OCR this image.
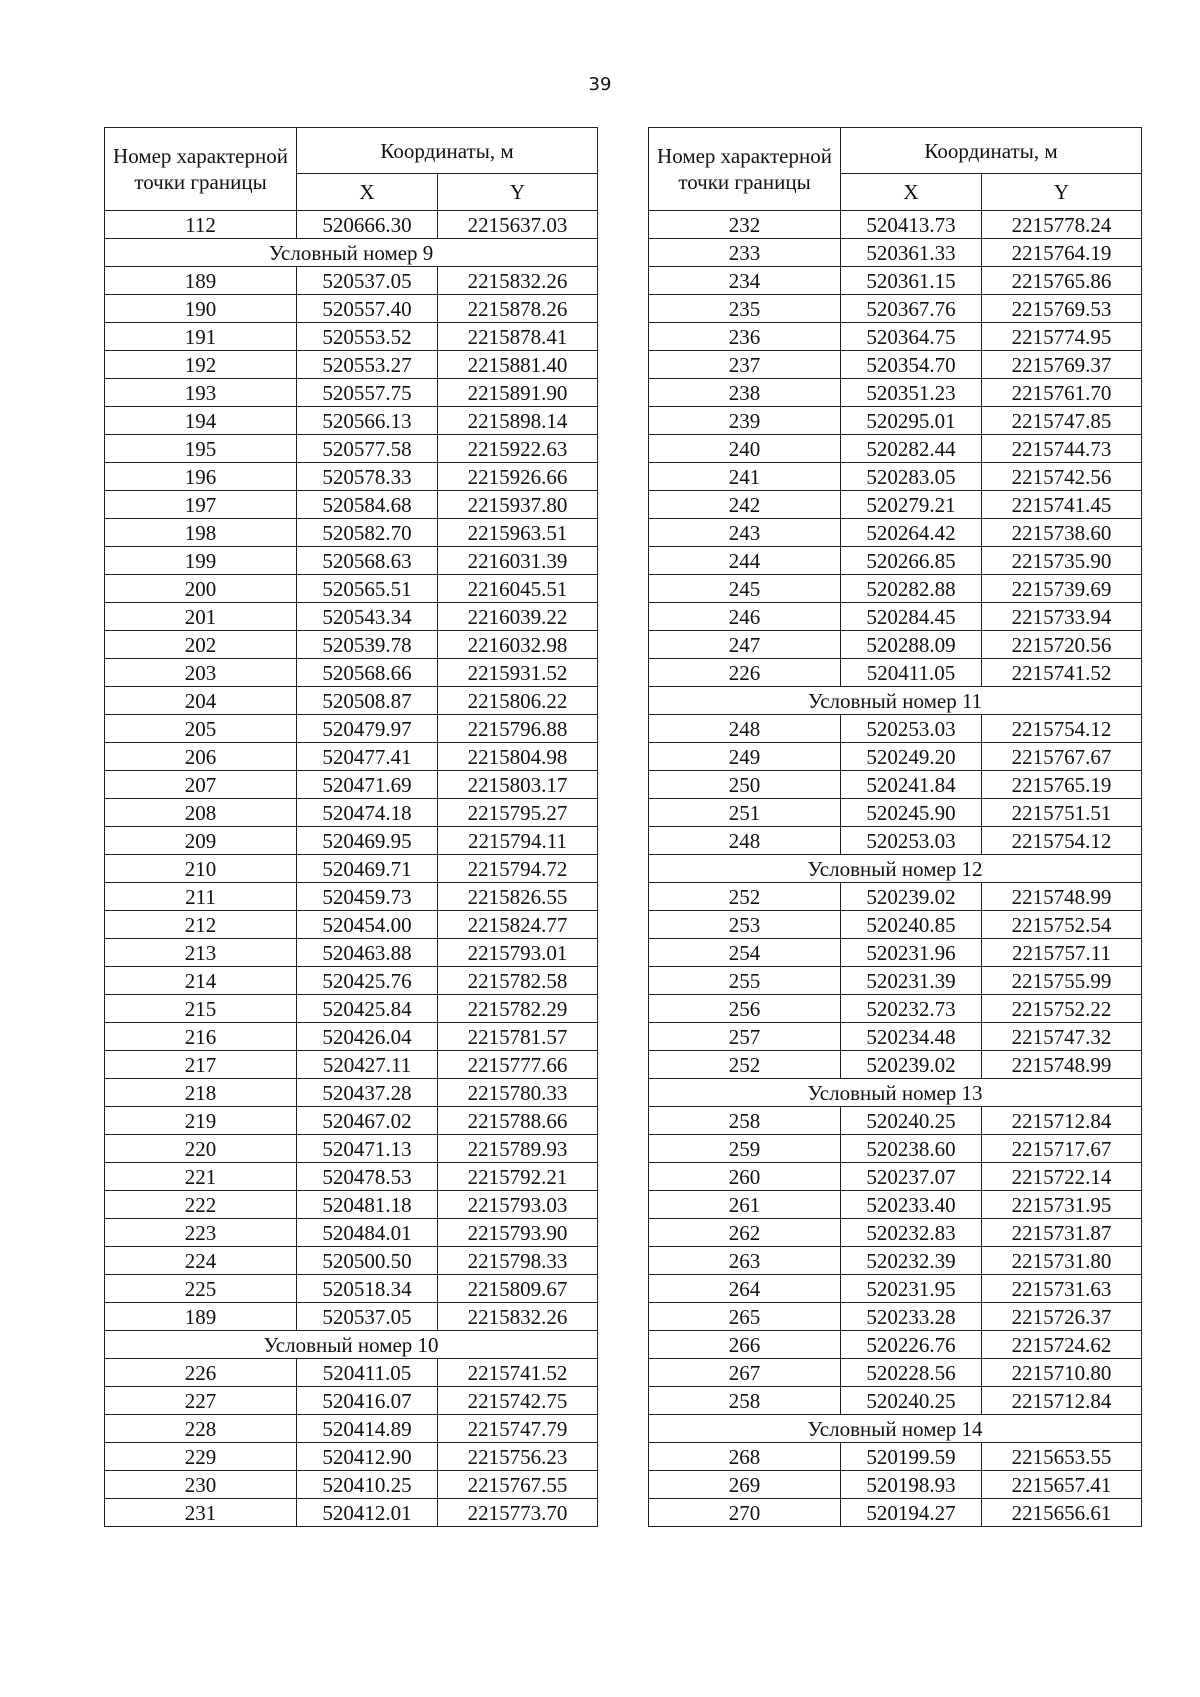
39
Номер характерной точки границы	Координаты, м	
	X	Y
112	520666.30	2215637.03
Условный номер 9		
189	520537.05	2215832.26
190	520557.40	2215878.26
191	520553.52	2215878.41
192	520553.27	2215881.40
193	520557.75	2215891.90
194	520566.13	2215898.14
195	520577.58	2215922.63
196	520578.33	2215926.66
197	520584.68	2215937.80
198	520582.70	2215963.51
199	520568.63	2216031.39
200	520565.51	2216045.51
201	520543.34	2216039.22
202	520539.78	2216032.98
203	520568.66	2215931.52
204	520508.87	2215806.22
205	520479.97	2215796.88
206	520477.41	2215804.98
207	520471.69	2215803.17
208	520474.18	2215795.27
209	520469.95	2215794.11
210	520469.71	2215794.72
211	520459.73	2215826.55
212	520454.00	2215824.77
213	520463.88	2215793.01
214	520425.76	2215782.58
215	520425.84	2215782.29
216	520426.04	2215781.57
217	520427.11	2215777.66
218	520437.28	2215780.33
219	520467.02	2215788.66
220	520471.13	2215789.93
221	520478.53	2215792.21
222	520481.18	2215793.03
223	520484.01	2215793.90
224	520500.50	2215798.33
225	520518.34	2215809.67
189	520537.05	2215832.26
Условный номер 10		
226	520411.05	2215741.52
227	520416.07	2215742.75
228	520414.89	2215747.79
229	520412.90	2215756.23
230	520410.25	2215767.55
231	520412.01	2215773.70
Номер характерной точки границы	Координаты, м	
	X	Y
232	520413.73	2215778.24
233	520361.33	2215764.19
234	520361.15	2215765.86
235	520367.76	2215769.53
236	520364.75	2215774.95
237	520354.70	2215769.37
238	520351.23	2215761.70
239	520295.01	2215747.85
240	520282.44	2215744.73
241	520283.05	2215742.56
242	520279.21	2215741.45
243	520264.42	2215738.60
244	520266.85	2215735.90
245	520282.88	2215739.69
246	520284.45	2215733.94
247	520288.09	2215720.56
226	520411.05	2215741.52
Условный номер 11		
248	520253.03	2215754.12
249	520249.20	2215767.67
250	520241.84	2215765.19
251	520245.90	2215751.51
248	520253.03	2215754.12
Условный номер 12		
252	520239.02	2215748.99
253	520240.85	2215752.54
254	520231.96	2215757.11
255	520231.39	2215755.99
256	520232.73	2215752.22
257	520234.48	2215747.32
252	520239.02	2215748.99
Условный номер 13		
258	520240.25	2215712.84
259	520238.60	2215717.67
260	520237.07	2215722.14
261	520233.40	2215731.95
262	520232.83	2215731.87
263	520232.39	2215731.80
264	520231.95	2215731.63
265	520233.28	2215726.37
266	520226.76	2215724.62
267	520228.56	2215710.80
258	520240.25	2215712.84
Условный номер 14		
268	520199.59	2215653.55
269	520198.93	2215657.41
270	520194.27	2215656.61
